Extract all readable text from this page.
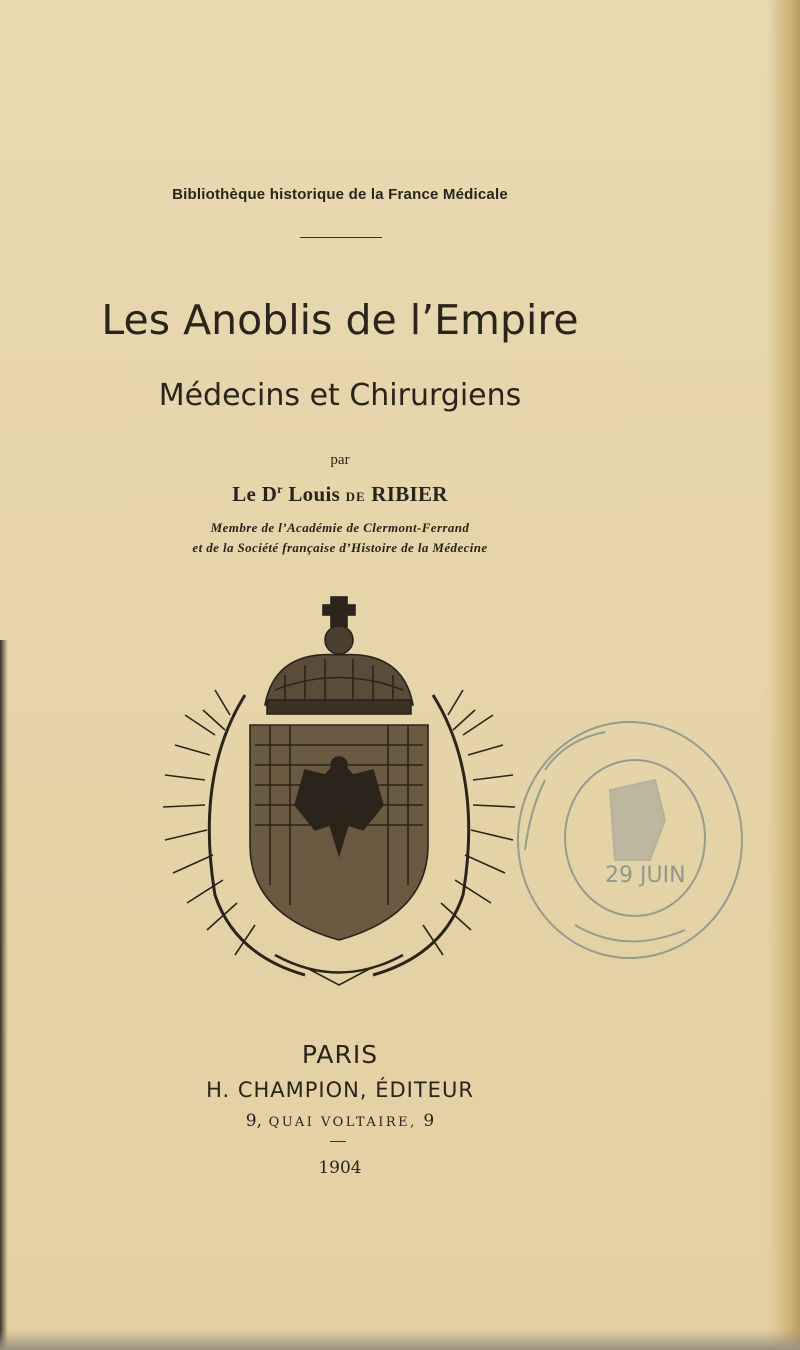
Bibliothèque historique de la France Médicale
Les Anoblis de l’Empire
Médecins et Chirurgiens
par
Le $D^r$ Louis DE RIBIER
Membre de l’Académie de Clermont-Ferrand
et de la Société française d’Histoire de la Médecine
29 JUIN
PARIS
H. CHAMPION, ÉDITEUR
9, QUAI VOLTAIRE, 9
1904
